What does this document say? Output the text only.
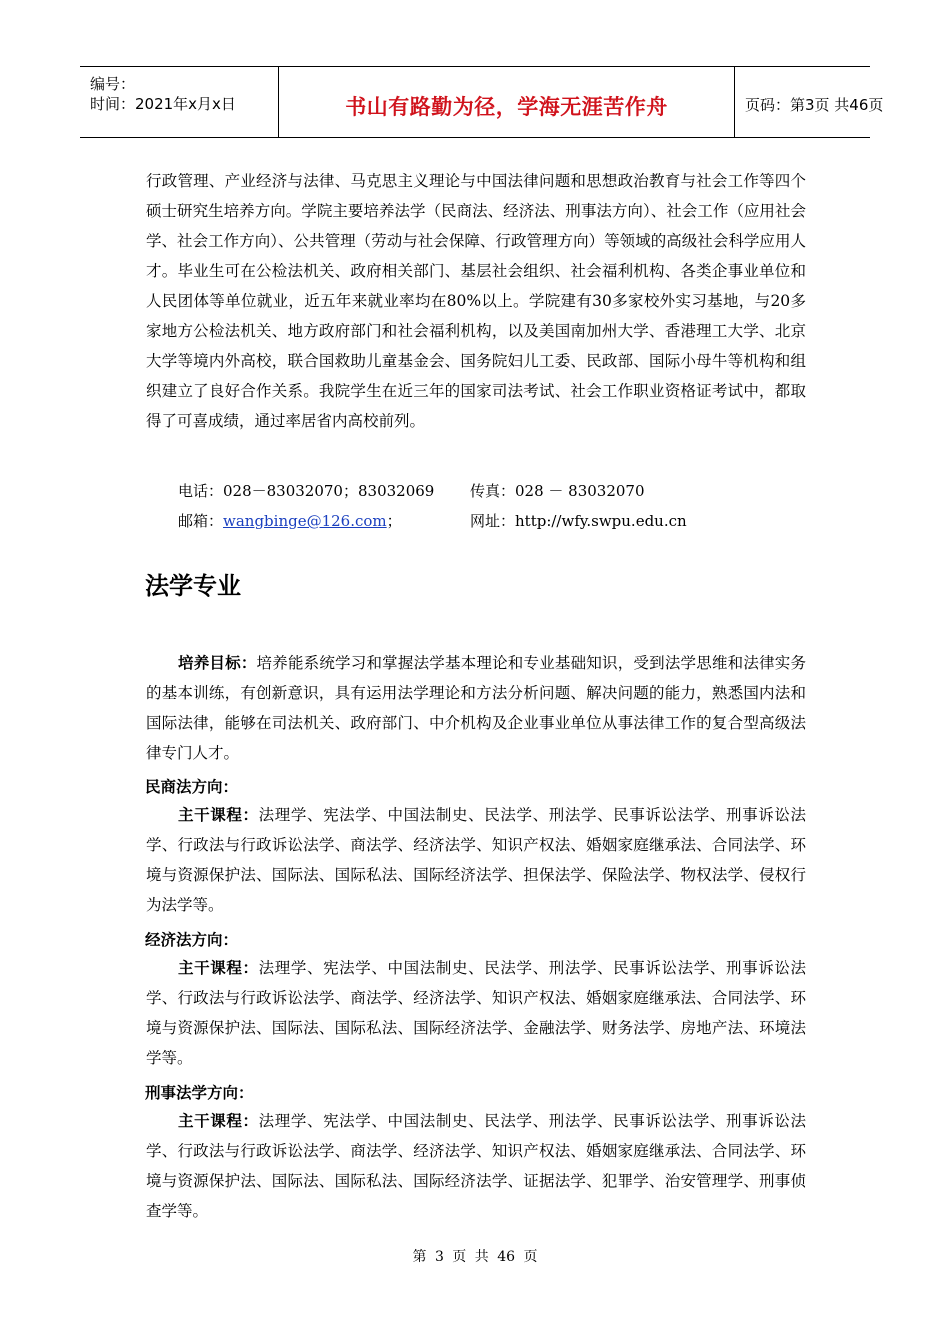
编号：
时间：2021年x月x日	书山有路勤为径，学海无涯苦作舟	页码：第3页 共46页
行政管理、产业经济与法律、马克思主义理论与中国法律问题和思想政治教育与社会工作等四个硕士研究生培养方向。学院主要培养法学（民商法、经济法、刑事法方向）、社会工作（应用社会学、社会工作方向）、公共管理（劳动与社会保障、行政管理方向）等领域的高级社会科学应用人才。毕业生可在公检法机关、政府相关部门、基层社会组织、社会福利机构、各类企事业单位和人民团体等单位就业，近五年来就业率均在80%以上。学院建有30多家校外实习基地，与20多家地方公检法机关、地方政府部门和社会福利机构，以及美国南加州大学、香港理工大学、北京大学等境内外高校，联合国救助儿童基金会、国务院妇儿工委、民政部、国际小母牛等机构和组织建立了良好合作关系。我院学生在近三年的国家司法考试、社会工作职业资格证考试中，都取得了可喜成绩，通过率居省内高校前列。
电话：028－83032070；83032069 传真：028 － 83032070
邮箱：wangbinge@126.com；	网址：http://wfy.swpu.edu.cn
法学专业
培养目标：培养能系统学习和掌握法学基本理论和专业基础知识，受到法学思维和法律实务的基本训练，有创新意识，具有运用法学理论和方法分析问题、解决问题的能力，熟悉国内法和国际法律，能够在司法机关、政府部门、中介机构及企业事业单位从事法律工作的复合型高级法律专门人才。
民商法方向：
主干课程：法理学、宪法学、中国法制史、民法学、刑法学、民事诉讼法学、刑事诉讼法学、行政法与行政诉讼法学、商法学、经济法学、知识产权法、婚姻家庭继承法、合同法学、环境与资源保护法、国际法、国际私法、国际经济法学、担保法学、保险法学、物权法学、侵权行为法学等。
经济法方向：
主干课程：法理学、宪法学、中国法制史、民法学、刑法学、民事诉讼法学、刑事诉讼法学、行政法与行政诉讼法学、商法学、经济法学、知识产权法、婚姻家庭继承法、合同法学、环境与资源保护法、国际法、国际私法、国际经济法学、金融法学、财务法学、房地产法、环境法学等。
刑事法学方向：
主干课程：法理学、宪法学、中国法制史、民法学、刑法学、民事诉讼法学、刑事诉讼法学、行政法与行政诉讼法学、商法学、经济法学、知识产权法、婚姻家庭继承法、合同法学、环境与资源保护法、国际法、国际私法、国际经济法学、证据法学、犯罪学、治安管理学、刑事侦查学等。
第 3 页 共 46 页
